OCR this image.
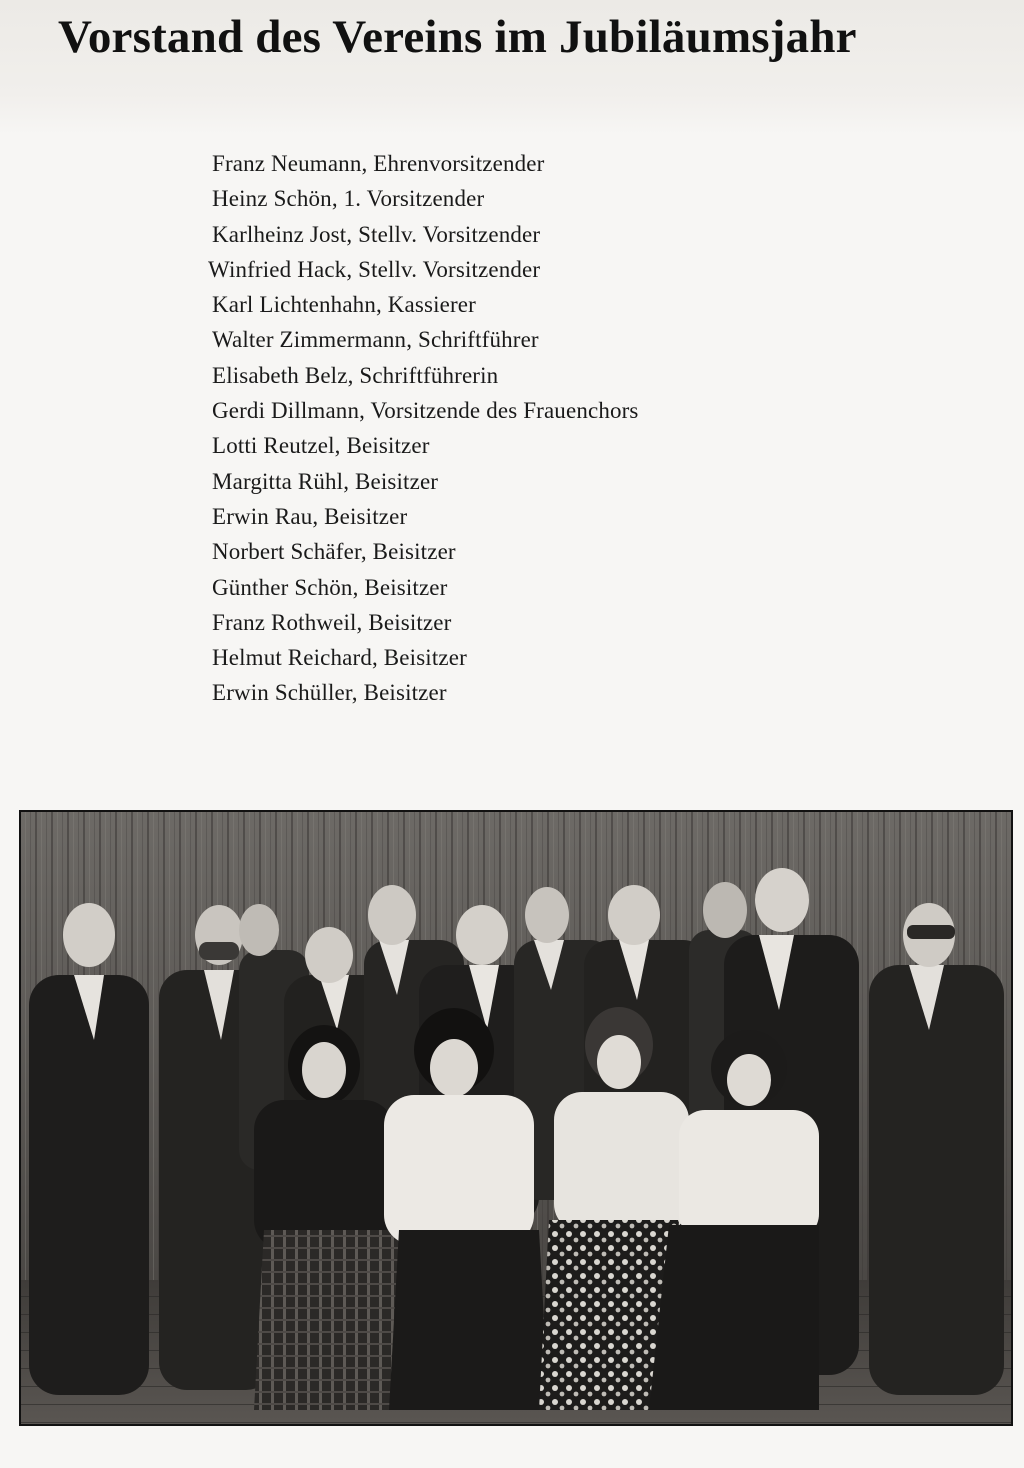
Vorstand des Vereins im Jubiläumsjahr
Franz Neumann, Ehrenvorsitzender
Heinz Schön, 1. Vorsitzender
Karlheinz Jost, Stellv. Vorsitzender
Winfried Hack, Stellv. Vorsitzender
Karl Lichtenhahn, Kassierer
Walter Zimmermann, Schriftführer
Elisabeth Belz, Schriftführerin
Gerdi Dillmann, Vorsitzende des Frauenchors
Lotti Reutzel, Beisitzer
Margitta Rühl, Beisitzer
Erwin Rau, Beisitzer
Norbert Schäfer, Beisitzer
Günther Schön, Beisitzer
Franz Rothweil, Beisitzer
Helmut Reichard, Beisitzer
Erwin Schüller, Beisitzer
